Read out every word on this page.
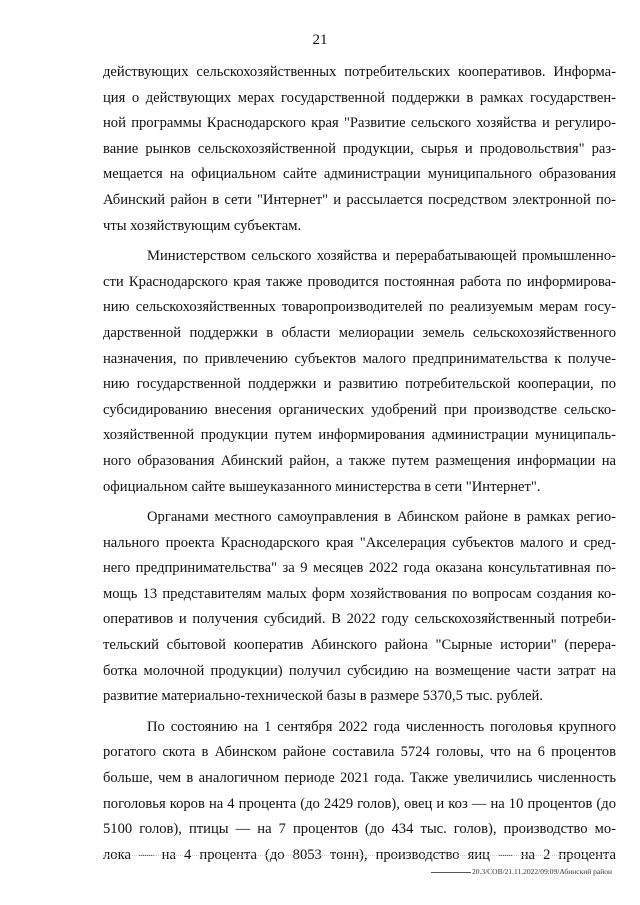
21

действующих сельскохозяйственных потребительских кооперативов. Информа-
ция о действующих мерах государственной поддержки в рамках государствен-
ной программы Краснодарского края "Развитие сельского хозяйства и регулиро-
вание рынков сельскохозяйственной продукции, сырья и продовольствия" раз-
мещается на официальном сайте администрации муниципального образования
Абинский район в сети "Интернет" и рассылается посредством электронной по-
чты хозяйствующим субъектам.

Министерством сельского хозяйства и перерабатывающей промышленно-
сти Краснодарского края также проводится постоянная работа по информирова-
нию сельскохозяйственных товаропроизводителей по реализуемым мерам госу-
дарственной поддержки в области мелиорации земель сельскохозяйственного
назначения, по привлечению субъектов малого предпринимательства к получе-
нию государственной поддержки и развитию потребительской кооперации, по
субсидированию внесения органических удобрений при производстве сельско-
хозяйственной продукции путем информирования администрации муниципаль-
ного образования Абинский район, а также путем размещения информации на
официальном сайте вышеуказанного министерства в сети "Интернет".

Органами местного самоуправления в Абинском районе в рамках регио-
нального проекта Краснодарского края "Акселерация субъектов малого и сред-
него предпринимательства" за 9 месяцев 2022 года оказана консультативная по-
мощь 13 представителям малых форм хозяйствования по вопросам создания ко-
оперативов и получения субсидий. В 2022 году сельскохозяйственный потреби-
тельский сбытовой кооператив Абинского района "Сырные истории" (перера-
ботка молочной продукции) получил субсидию на возмещение части затрат на
развитие материально-технической базы в размере 5370,5 тыс. рублей.

По состоянию на 1 сентября 2022 года численность поголовья крупного
рогатого скота в Абинском районе составила 5724 головы, что на 6 процентов
больше, чем в аналогичном периоде 2021 года. Также увеличились численность
поголовья коров на 4 процента (до 2429 голов), овец и коз — на 10 процентов (до
5100 голов), птицы — на 7 процентов (до 434 тыс. голов), производство мо-
лока — на 4 процента (до 8053 тонн), производство яиц — на 2 процента

20.3/COB/21.11.2022/09:09/Абинский район
